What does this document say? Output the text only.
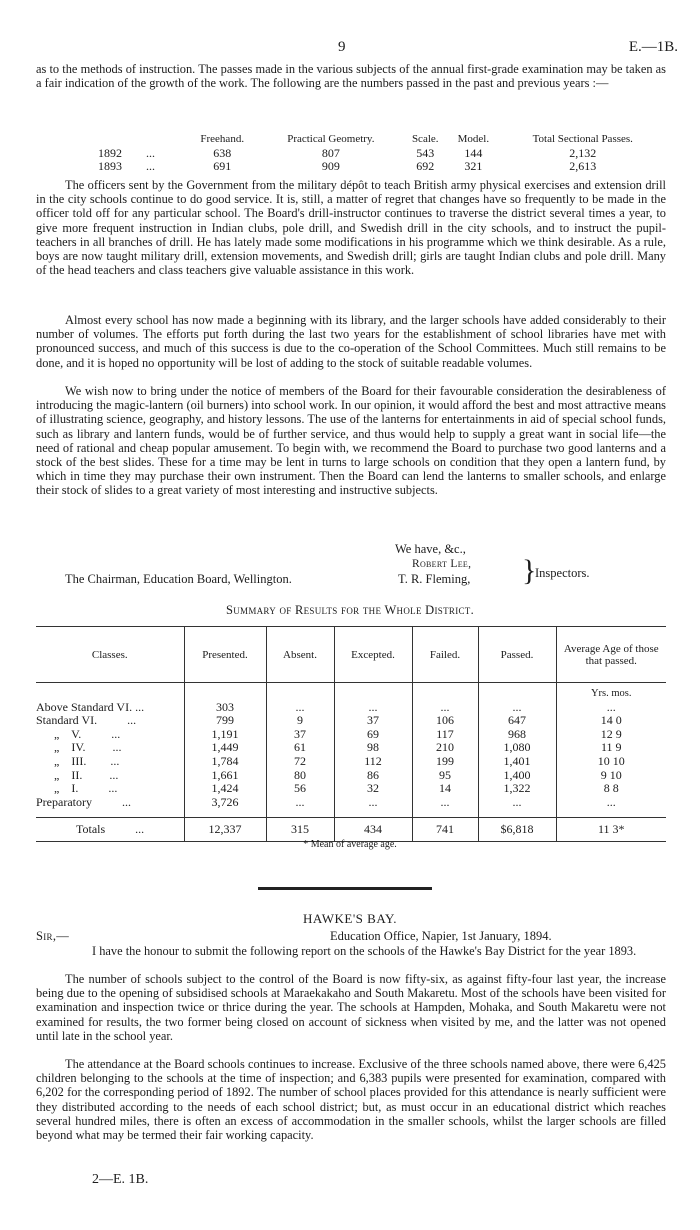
9	E.—1B.

as to the methods of instruction. The passes made in the various subjects of the annual first-grade examination may be taken as a fair indication of the growth of the work. The following are the numbers passed in the past and previous years :—

		Freehand.	Practical Geometry.	Scale.	Model.	Total Sectional Passes.
1892	...	638	807	543	144	2,132
1893	...	691	909	692	321	2,613

The officers sent by the Government from the military dépôt to teach British army physical exercises and extension drill in the city schools continue to do good service. It is, still, a matter of regret that changes have so frequently to be made in the officer told off for any particular school. The Board's drill-instructor continues to traverse the district several times a year, to give more frequent instruction in Indian clubs, pole drill, and Swedish drill in the city schools, and to instruct the pupil-teachers in all branches of drill. He has lately made some modifications in his programme which we think desirable. As a rule, boys are now taught military drill, extension movements, and Swedish drill; girls are taught Indian clubs and pole drill. Many of the head teachers and class teachers give valuable assistance in this work.

Almost every school has now made a beginning with its library, and the larger schools have added considerably to their number of volumes. The efforts put forth during the last two years for the establishment of school libraries have met with pronounced success, and much of this success is due to the co-operation of the School Committees. Much still remains to be done, and it is hoped no opportunity will be lost of adding to the stock of suitable readable volumes.

We wish now to bring under the notice of members of the Board for their favourable consideration the desirableness of introducing the magic-lantern (oil burners) into school work. In our opinion, it would afford the best and most attractive means of illustrating science, geography, and history lessons. The use of the lanterns for entertainments in aid of special school funds, such as library and lantern funds, would be of further service, and thus would help to supply a great want in social life—the need of rational and cheap popular amusement. To begin with, we recommend the Board to purchase two good lanterns and a stock of the best slides. These for a time may be lent in turns to large schools on condition that they open a lantern fund, by which in time they may purchase their own instrument. Then the Board can lend the lanterns to smaller schools, and enlarge their stock of slides to a great variety of most interesting and instructive subjects.

We have, &c.,
Robert Lee,
T. R. Fleming, }
Inspectors.
The Chairman, Education Board, Wellington.
Summary of Results for the Whole District.
Classes.	Presented.	Absent.	Excepted.	Failed.	Passed.	Average Age of those that passed.
						Yrs. mos.
Above Standard VI. ...	303	...	...	...	...	...
Standard VI.          ...	799	9	37	106	647	14 0
„    V.          ...	1,191	37	69	117	968	12 9
„    IV.         ...	1,449	61	98	210	1,080	11 9
„    III.        ...	1,784	72	112	199	1,401	10 10
„    II.         ...	1,661	80	86	95	1,400	9 10
„    I.          ...	1,424	56	32	14	1,322	8 8
Preparatory          ...	3,726	...	...	...	...	...

Totals          ...	12,337	315	434	741	$6,818	11 3*
* Mean of average age.
HAWKE'S BAY.
Sir,—	Education Office, Napier, 1st January, 1894.

I have the honour to submit the following report on the schools of the Hawke's Bay District for the year 1893.

The number of schools subject to the control of the Board is now fifty-six, as against fifty-four last year, the increase being due to the opening of subsidised schools at Maraekakaho and South Makaretu. Most of the schools have been visited for examination and inspection twice or thrice during the year. The schools at Hampden, Mohaka, and South Makaretu were not examined for results, the two former being closed on account of sickness when visited by me, and the latter was not opened until late in the school year.

The attendance at the Board schools continues to increase. Exclusive of the three schools named above, there were 6,425 children belonging to the schools at the time of inspection; and 6,383 pupils were presented for examination, compared with 6,202 for the corresponding period of 1892. The number of school places provided for this attendance is nearly sufficient were they distributed according to the needs of each school district; but, as must occur in an educational district which reaches several hundred miles, there is often an excess of accommodation in the smaller schools, whilst the larger schools are filled beyond what may be termed their fair working capacity.

2—E. 1B.
